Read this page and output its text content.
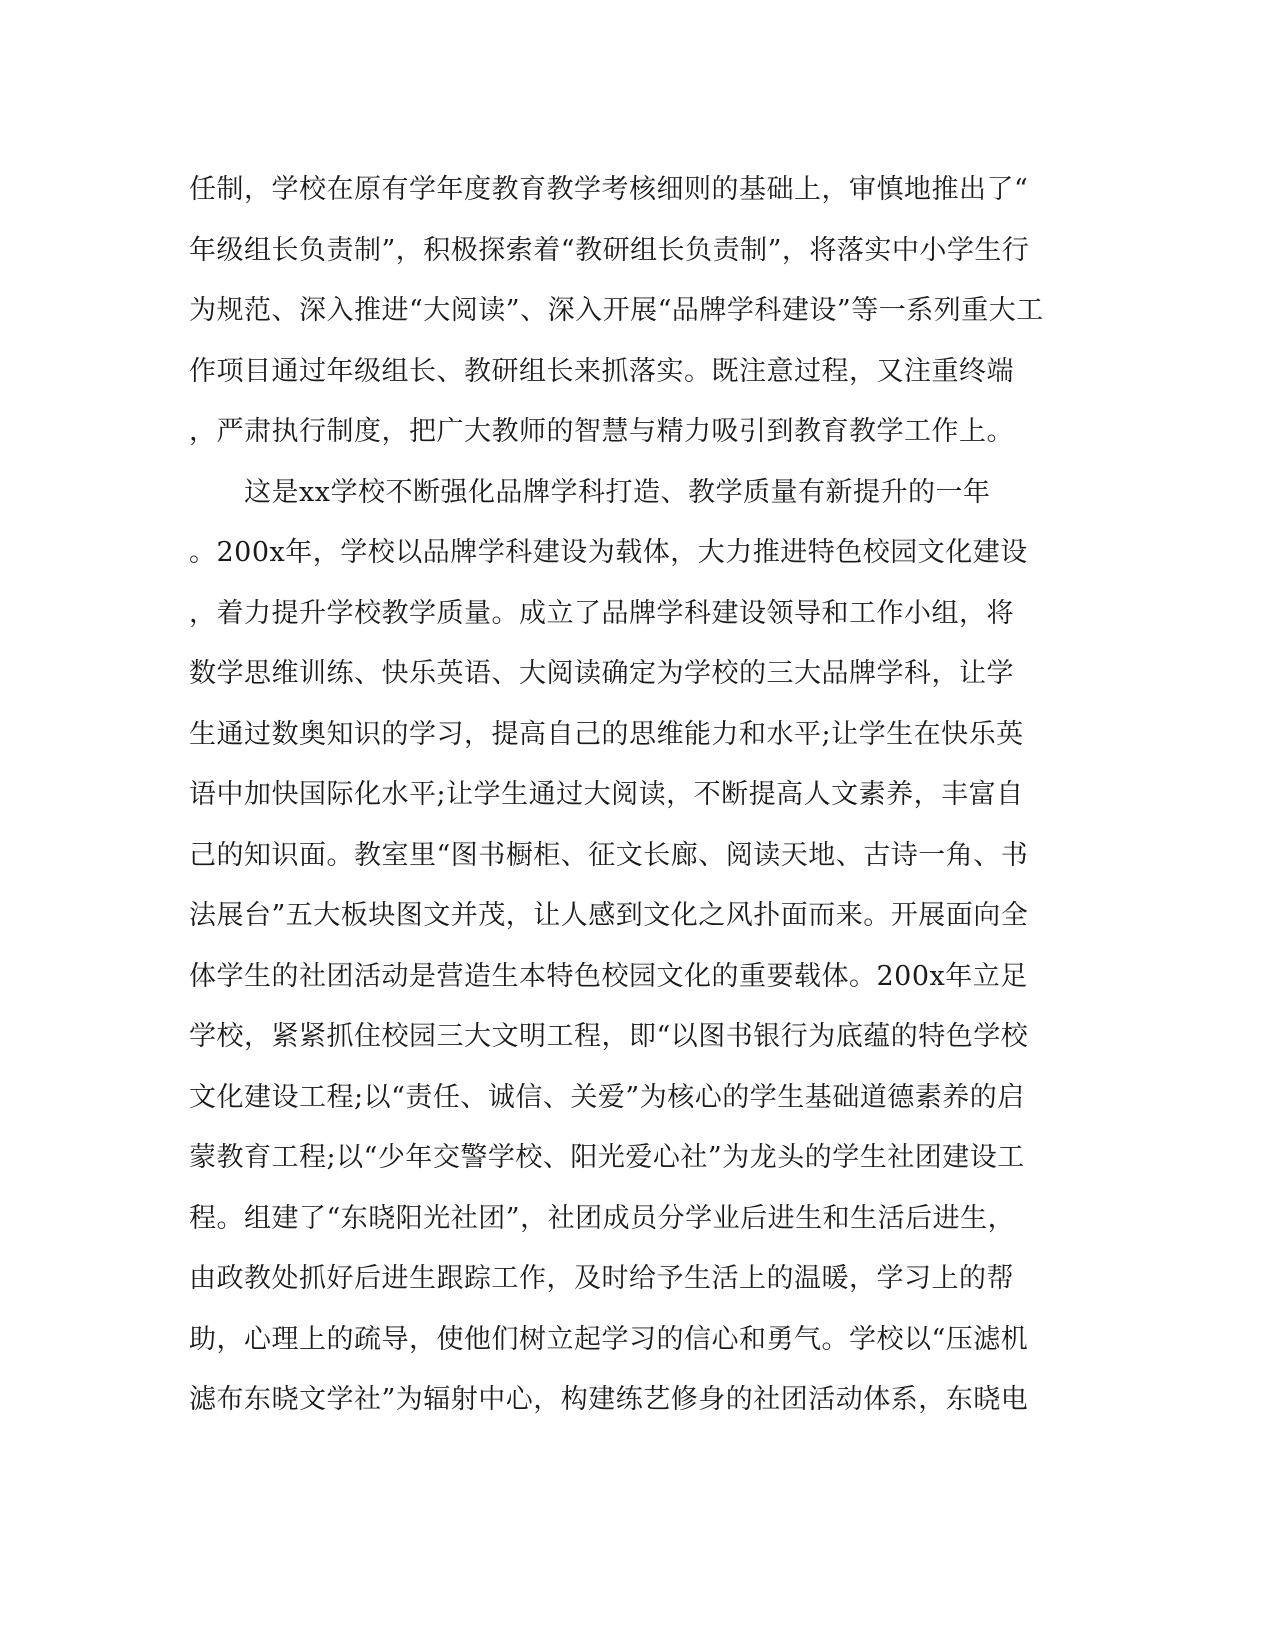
任制，学校在原有学年度教育教学考核细则的基础上，审慎地推出了“
年级组长负责制”，积极探索着“教研组长负责制”，将落实中小学生行
为规范、深入推进“大阅读”、深入开展“品牌学科建设”等一系列重大工
作项目通过年级组长、教研组长来抓落实。既注意过程，又注重终端
，严肃执行制度，把广大教师的智慧与精力吸引到教育教学工作上。
　　这是xx学校不断强化品牌学科打造、教学质量有新提升的一年
。200x年，学校以品牌学科建设为载体，大力推进特色校园文化建设
，着力提升学校教学质量。成立了品牌学科建设领导和工作小组，将
数学思维训练、快乐英语、大阅读确定为学校的三大品牌学科，让学
生通过数奥知识的学习，提高自己的思维能力和水平;让学生在快乐英
语中加快国际化水平;让学生通过大阅读，不断提高人文素养，丰富自
己的知识面。教室里“图书橱柜、征文长廊、阅读天地、古诗一角、书
法展台”五大板块图文并茂，让人感到文化之风扑面而来。开展面向全
体学生的社团活动是营造生本特色校园文化的重要载体。200x年立足
学校，紧紧抓住校园三大文明工程，即“以图书银行为底蕴的特色学校
文化建设工程;以“责任、诚信、关爱”为核心的学生基础道德素养的启
蒙教育工程;以“少年交警学校、阳光爱心社”为龙头的学生社团建设工
程。组建了“东晓阳光社团”，社团成员分学业后进生和生活后进生，
由政教处抓好后进生跟踪工作，及时给予生活上的温暖，学习上的帮
助，心理上的疏导，使他们树立起学习的信心和勇气。学校以“压滤机
滤布东晓文学社”为辐射中心，构建练艺修身的社团活动体系，东晓电
